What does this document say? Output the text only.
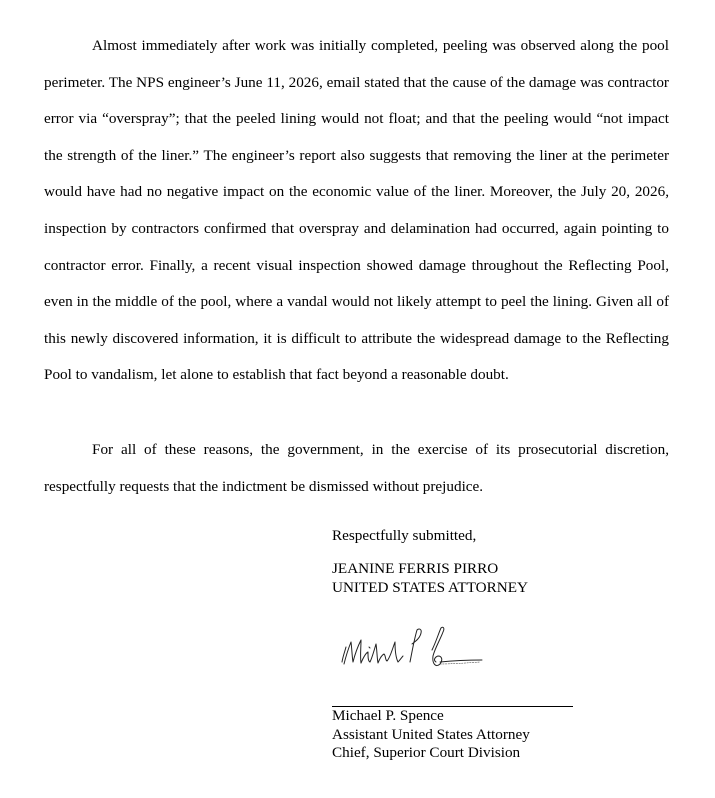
Almost immediately after work was initially completed, peeling was observed along the pool perimeter. The NPS engineer’s June 11, 2026, email stated that the cause of the damage was contractor error via “overspray”; that the peeled lining would not float; and that the peeling would “not impact the strength of the liner.” The engineer’s report also suggests that removing the liner at the perimeter would have had no negative impact on the economic value of the liner. Moreover, the July 20, 2026, inspection by contractors confirmed that overspray and delamination had occurred, again pointing to contractor error. Finally, a recent visual inspection showed damage throughout the Reflecting Pool, even in the middle of the pool, where a vandal would not likely attempt to peel the lining. Given all of this newly discovered information, it is difficult to attribute the widespread damage to the Reflecting Pool to vandalism, let alone to establish that fact beyond a reasonable doubt.

For all of these reasons, the government, in the exercise of its prosecutorial discretion, respectfully requests that the indictment be dismissed without prejudice.

Respectfully submitted,
JEANINE FERRIS PIRRO
UNITED STATES ATTORNEY
Michael P. Spence
Assistant United States Attorney
Chief, Superior Court Division
